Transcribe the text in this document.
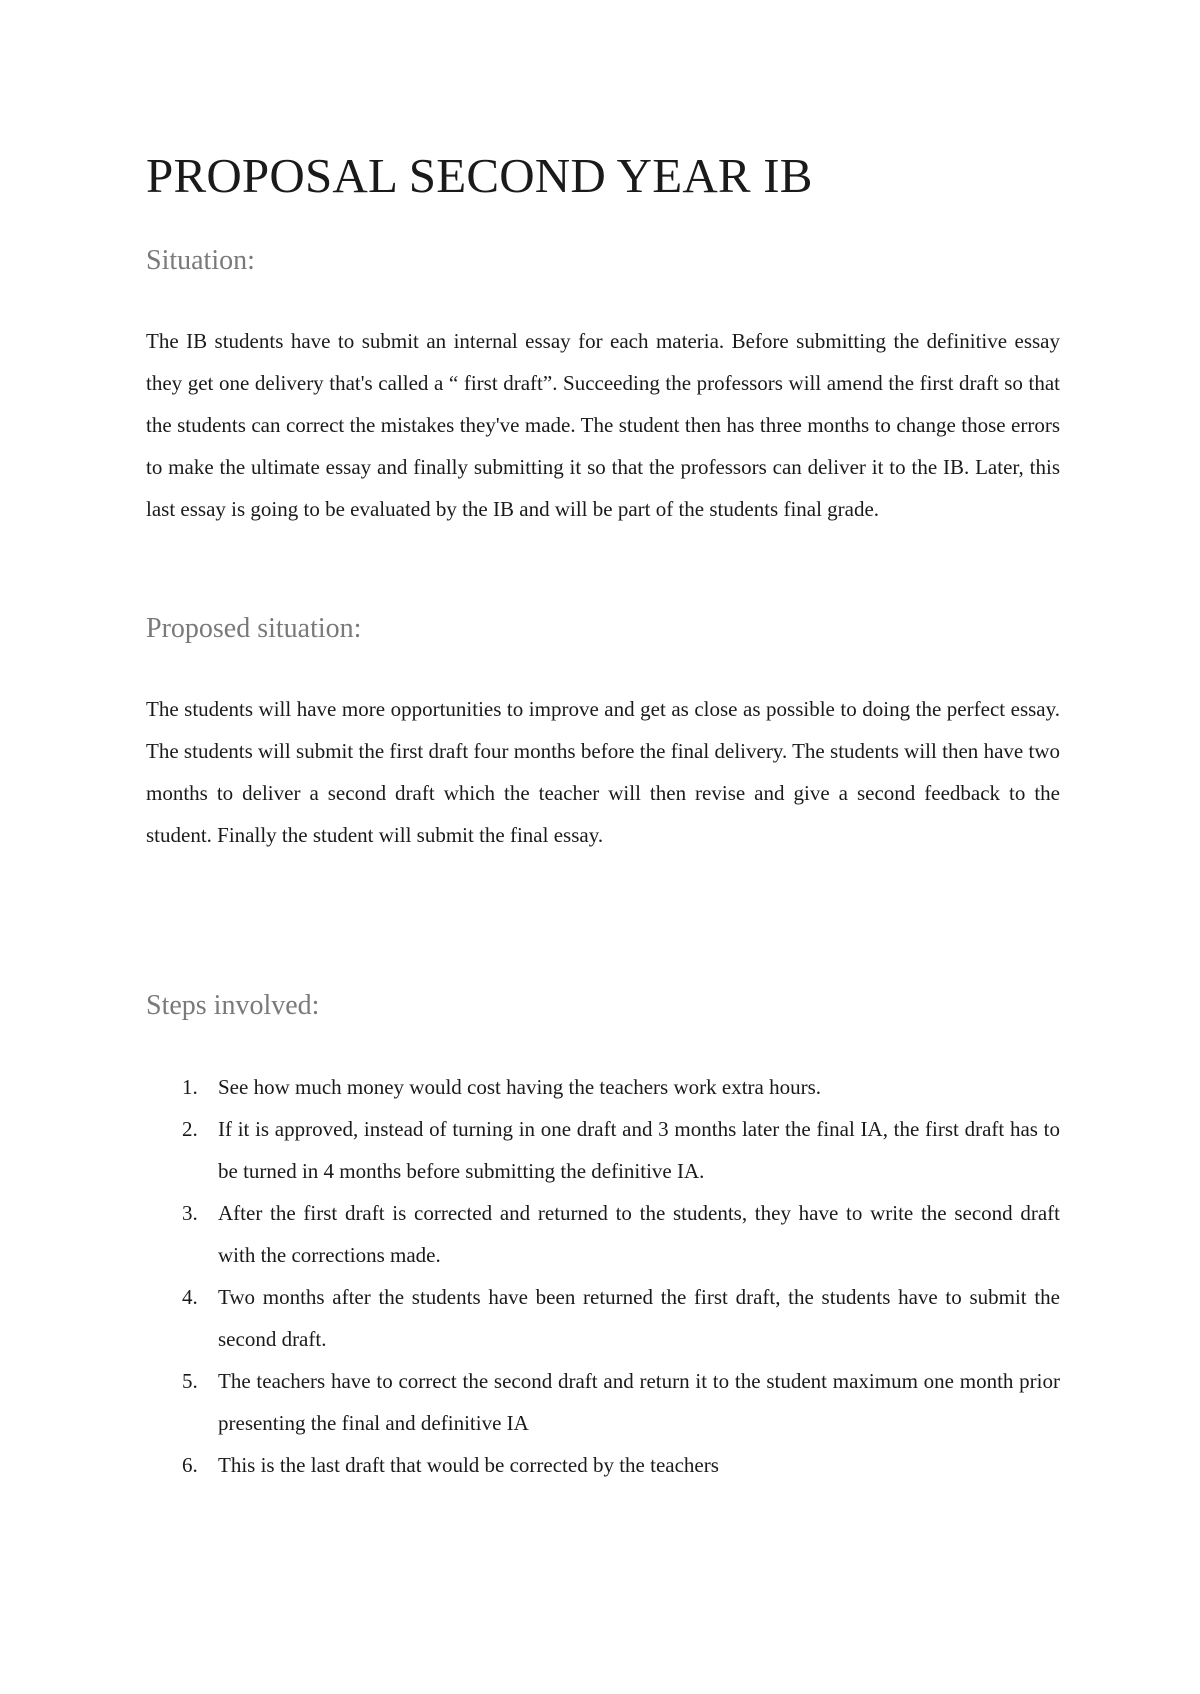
PROPOSAL SECOND YEAR IB
Situation:

The IB students have to submit an internal essay for each materia. Before submitting the definitive essay they get one delivery that's called a “ first draft”. Succeeding the professors will amend the first draft so that the students can correct the mistakes they've made. The student then has three months to change those errors to make the ultimate essay and finally submitting it so that the professors can deliver it to the IB. Later, this last essay is going to be evaluated by the IB and will be part of the students final grade.

Proposed situation:

The students will have more opportunities to improve and get as close as possible to doing the perfect essay. The students will submit the first draft four months before the final delivery. The students will then have two months to deliver a second draft which the teacher will then revise and give a second feedback to the student. Finally the student will submit the final essay.

Steps involved:
1. See how much money would cost having the teachers work extra hours.
2. If it is approved, instead of turning in one draft and 3 months later the final IA, the first draft has to be turned in 4 months before submitting the definitive IA.
3. After the first draft is corrected and returned to the students, they have to write the second draft with the corrections made.
4. Two months after the students have been returned the first draft, the students have to submit the second draft.
5. The teachers have to correct the second draft and return it to the student maximum one month prior presenting the final and definitive IA
6. This is the last draft that would be corrected by the teachers
